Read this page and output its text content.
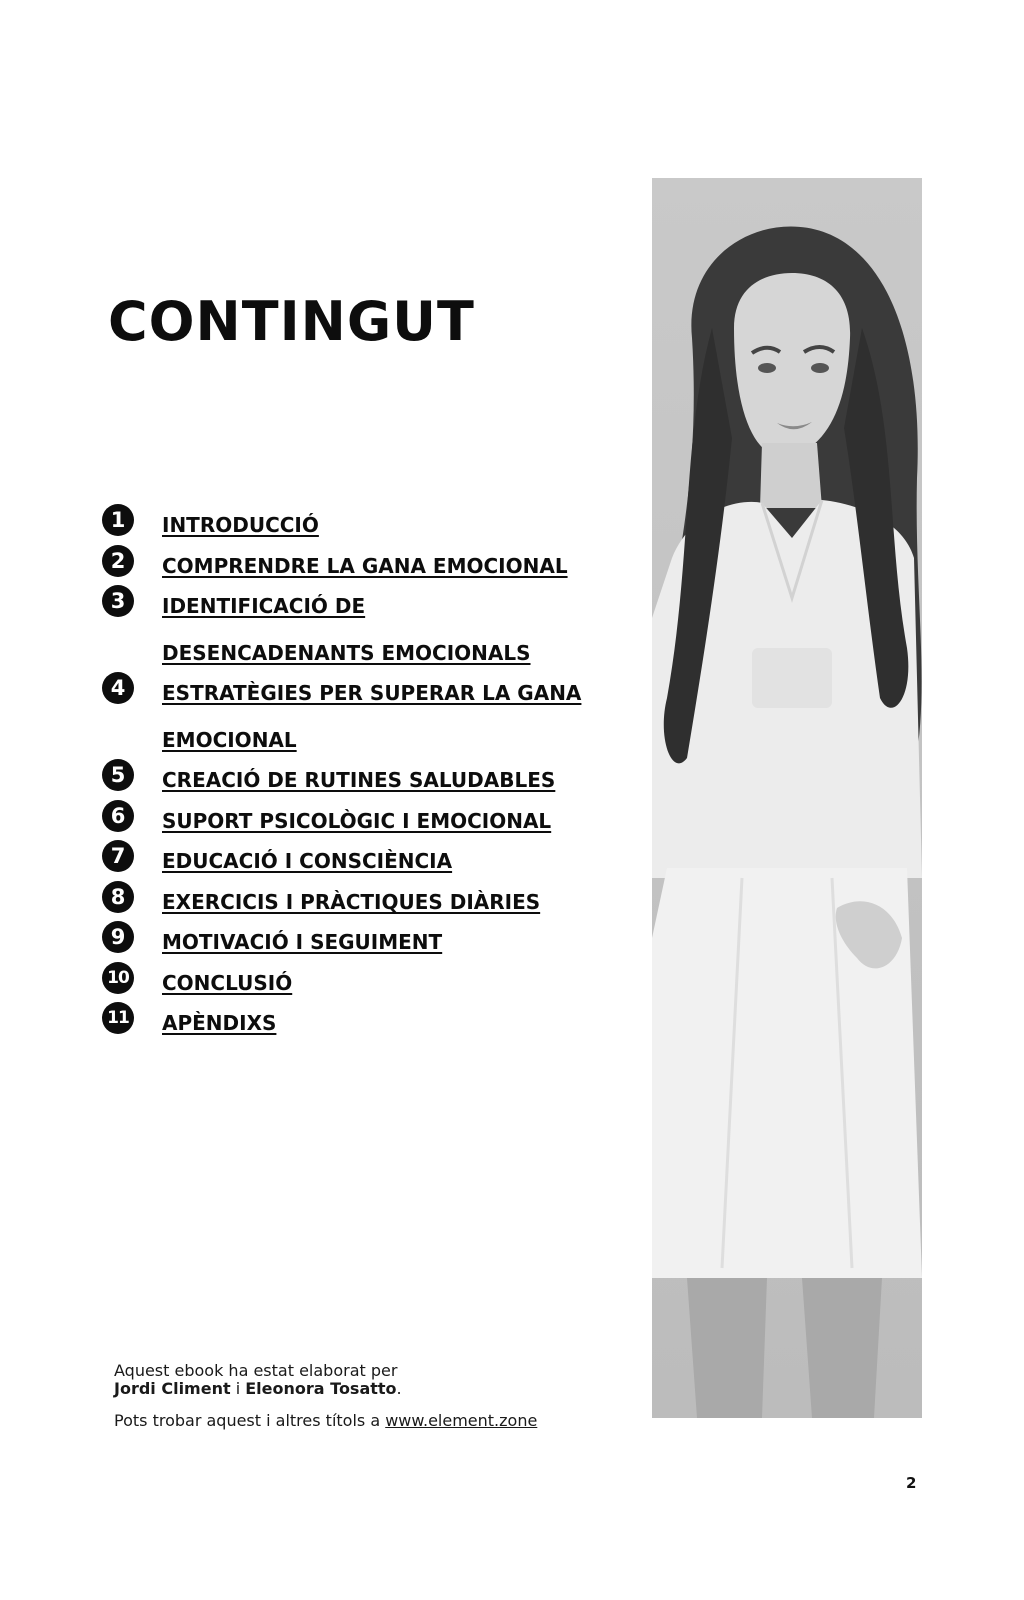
CONTINGUT
1	INTRODUCCIÓ
2	COMPRENDRE LA GANA EMOCIONAL
3	IDENTIFICACIÓ DE DESENCADENANTS EMOCIONALS
4	ESTRATÈGIES PER SUPERAR LA GANA EMOCIONAL
5	CREACIÓ DE RUTINES SALUDABLES
6	SUPORT PSICOLÒGIC I EMOCIONAL
7	EDUCACIÓ I CONSCIÈNCIA
8	EXERCICIS I PRÀCTIQUES DIÀRIES
9	MOTIVACIÓ I SEGUIMENT
10 CONCLUSIÓ
11 APÈNDIXS

Aquest ebook ha estat elaborat per
Jordi Climent i Eleonora Tosatto.

Pots trobar aquest i altres títols a www.element.zone

2
